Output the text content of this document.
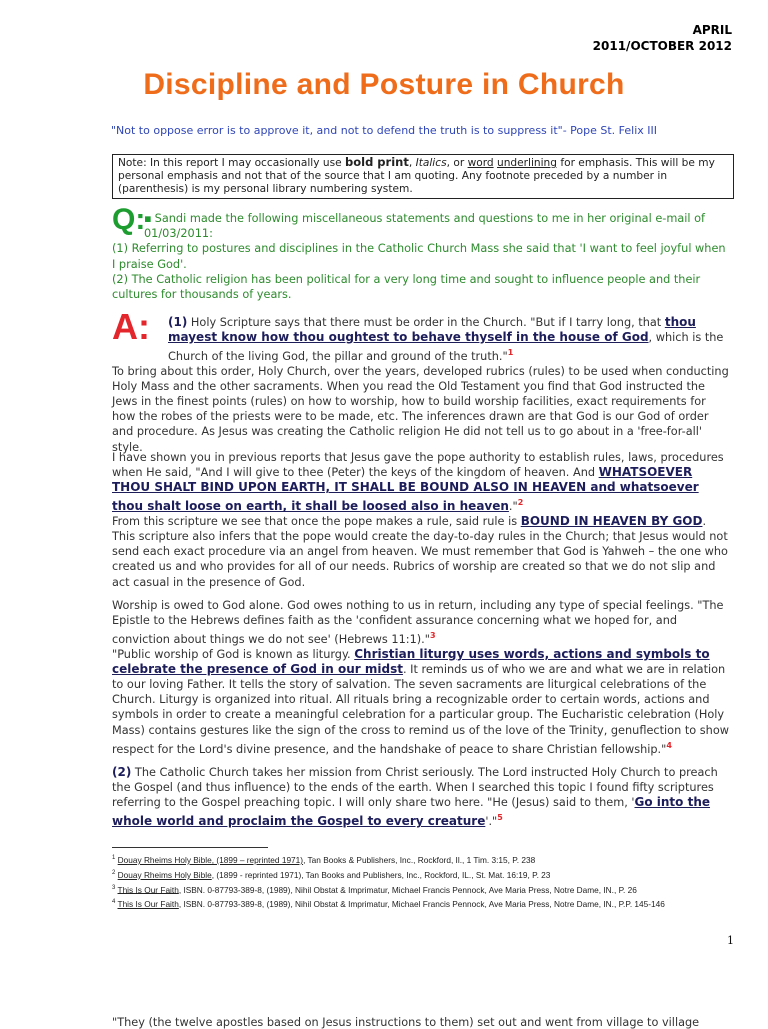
APRIL
2011/OCTOBER 2012
Discipline and Posture in Church
"Not to oppose error is to approve it, and not to defend the truth is to suppress it"- Pope St. Felix III
Note: In this report I may occasionally use bold print, Italics, or word underlining for emphasis. This will be my personal emphasis and not that of the source that I am quoting. Any footnote preceded by a number in (parenthesis) is my personal library numbering system.
Q:

▪ Sandi made the following miscellaneous statements and questions to me in her original e-mail of

01/03/2011:

(1) Referring to postures and disciplines in the Catholic Church Mass she said that 'I want to feel joyful when I praise God'.

(2) The Catholic religion has been political for a very long time and sought to influence people and their cultures for thousands of years.

A:	(1) Holy Scripture says that there must be order in the Church. "But if I tarry long, that thou mayest know how thou oughtest to behave thyself in the house of God, which is the Church of the living God, the pillar and ground of the truth."$^1$

To bring about this order, Holy Church, over the years, developed rubrics (rules) to be used when conducting Holy Mass and the other sacraments. When you read the Old Testament you find that God instructed the Jews in the finest points (rules) on how to worship, how to build worship facilities, exact requirements for how the robes of the priests were to be made, etc. The inferences drawn are that God is our God of order and procedure. As Jesus was creating the Catholic religion He did not tell us to go about in a 'free-for-all' style.

I have shown you in previous reports that Jesus gave the pope authority to establish rules, laws, procedures when He said, "And I will give to thee (Peter) the keys of the kingdom of heaven. And WHATSOEVER THOU SHALT BIND UPON EARTH, IT SHALL BE BOUND ALSO IN HEAVEN and whatsoever thou shalt loose on earth, it shall be loosed also in heaven."$^2$

From this scripture we see that once the pope makes a rule, said rule is BOUND IN HEAVEN BY GOD. This scripture also infers that the pope would create the day-to-day rules in the Church; that Jesus would not send each exact procedure via an angel from heaven. We must remember that God is Yahweh – the one who created us and who provides for all of our needs. Rubrics of worship are created so that we do not slip and act casual in the presence of God.

Worship is owed to God alone. God owes nothing to us in return, including any type of special feelings. "The Epistle to the Hebrews defines faith as the 'confident assurance concerning what we hoped for, and conviction about things we do not see' (Hebrews 11:1)."$^3$

"Public worship of God is known as liturgy. Christian liturgy uses words, actions and symbols to celebrate the presence of God in our midst. It reminds us of who we are and what we are in relation to our loving Father. It tells the story of salvation. The seven sacraments are liturgical celebrations of the Church. Liturgy is organized into ritual. All rituals bring a recognizable order to certain words, actions and symbols in order to create a meaningful celebration for a particular group. The Eucharistic celebration (Holy Mass) contains gestures like the sign of the cross to remind us of the love of the Trinity, genuflection to show respect for the Lord's divine presence, and the handshake of peace to share Christian fellowship."$^4$

(2) The Catholic Church takes her mission from Christ seriously. The Lord instructed Holy Church to preach the Gospel (and thus influence) to the ends of the earth. When I searched this topic I found fifty scriptures referring to the Gospel preaching topic. I will only share two here. "He (Jesus) said to them, 'Go into the whole world and proclaim the Gospel to every creature'."$^5$

$^1$ Douay Rheims Holy Bible, (1899 – reprinted 1971), Tan Books & Publishers, Inc., Rockford, Il., 1 Tim. 3:15, P. 238

$^2$ Douay Rheims Holy Bible, (1899 - reprinted 1971), Tan Books and Publishers, Inc., Rockford, IL., St. Mat. 16:19, P. 23

$^3$ This Is Our Faith, ISBN. 0-87793-389-8, (1989), Nihil Obstat & Imprimatur, Michael Francis Pennock, Ave Maria Press, Notre Dame, IN., P. 26

$^4$ This Is Our Faith, ISBN. 0-87793-389-8, (1989), Nihil Obstat & Imprimatur, Michael Francis Pennock, Ave Maria Press, Notre Dame, IN., P.P. 145-146

1
"They (the twelve apostles based on Jesus instructions to them) set out and went from village to village
